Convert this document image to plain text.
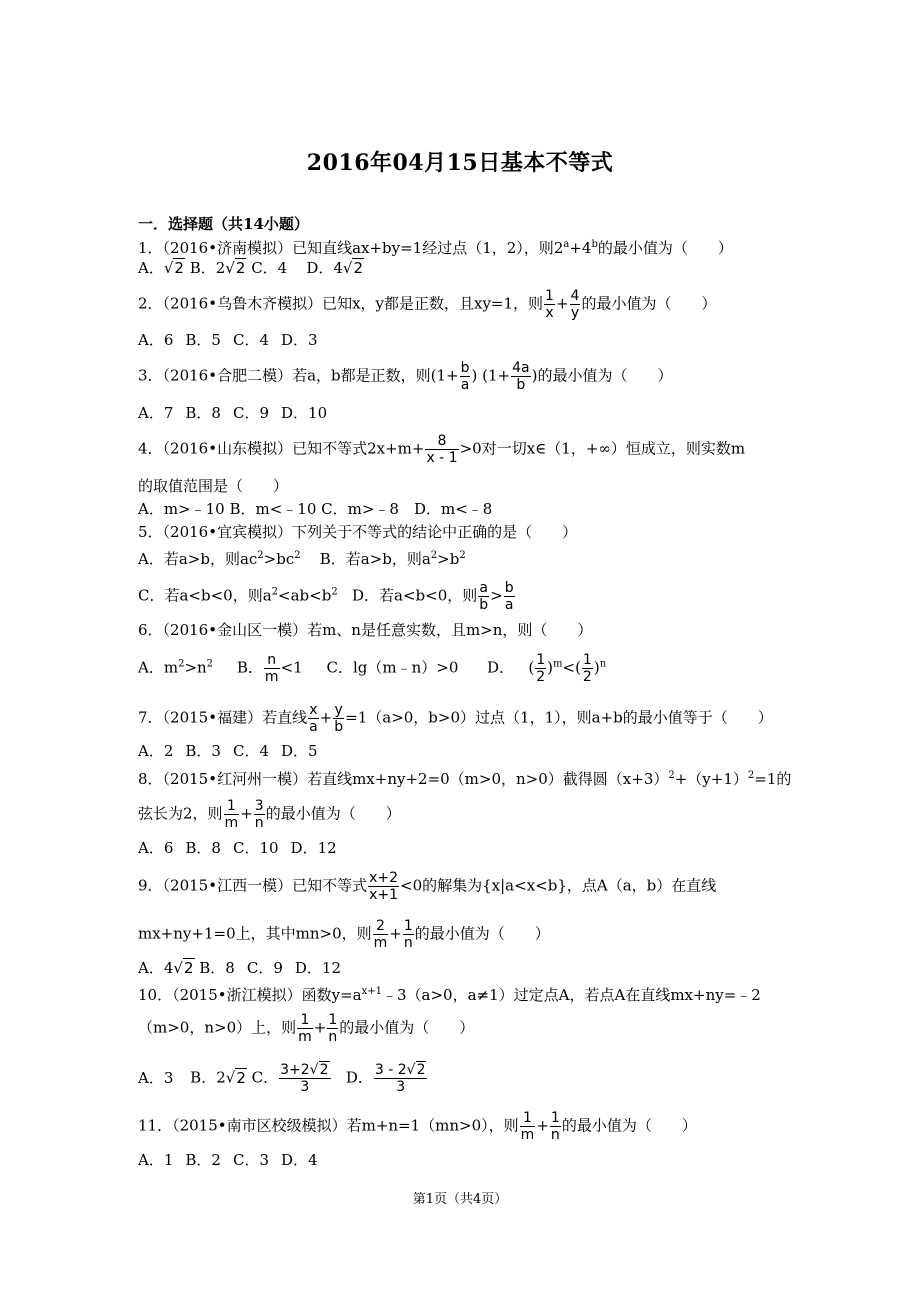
2016年04月15日基本不等式
一．选择题（共14小题）
1．（2016•济南模拟）已知直线ax+by=1经过点（1，2），则$2^a+4^b$的最小值为（　　）
A．√2 B．2√2 C．4 D．4√2
2．（2016•乌鲁木齐模拟）已知x，y都是正数，且xy=1，则 $\frac{1}{x} + \frac{4}{y}$ 的最小值为（　　）
A．6 B．5 C．4 D．3
3．（2016•合肥二模）若a，b都是正数，则($1+ \frac{b}{a}$ ) ($1+ \frac{4a}{b}$ )的最小值为（　　）
A．7 B．8 C．9 D．10
4．（2016•山东模拟）已知不等式$2x+m+ \frac{8}{x - 1} >0$对一切x∈（1，+∞）恒成立，则实数m
的取值范围是（　　）
A．m>﹣10 B．m<﹣10 C．m>﹣8　D．m<﹣8
5．（2016•宜宾模拟）下列关于不等式的结论中正确的是（　　）
A．若a>b，则$ac^2>bc^2$ B．若a>b，则$a^2>b^2$
C．若a<b<0，则$a^2<ab<b^2$ D．若a<b<0，则 $\frac{a}{b} > \frac{b}{a}$
6．（2016•金山区一模）若m、n是任意实数，且m>n，则（　　）
A．$m^2>n^2$ B． $\frac{n}{m} <1$ C．lg（m﹣n）>0 D． ( $\frac{1}{2} )^m<( \frac{1}{2} )^n$
7．（2015•福建）若直线 $\frac{x}{a} + \frac{y}{b} =1(a>0$，b>0）过点（1，1），则a+b的最小值等于（　　）
A．2 B．3 C．4 D．5
8．（2015•红河州一模）若直线mx+ny+2=0（m>0，n>0）截得圆$(x+3)^2+(y+1)^2=1$的
弦长为2，则 $\frac{1}{m} + \frac{3}{n}$ 的最小值为（　　）
A．6 B．8 C．10 D．12
9．（2015•江西一模）已知不等式 $\frac{x+2}{x+1} <0$的解集为{x|a<x<b}，点A（a，b）在直线
mx+ny+1=0上，其中mn>0，则 $\frac{2}{m} + \frac{1}{n}$ 的最小值为（　　）
A．4√2 B．8 C．9 D．12
10．（2015•浙江模拟）函数$y=a^{x+1}﹣3(a>0$，a≠1）过定点A，若点A在直线mx+ny=﹣2
（m>0，n>0）上，则 $\frac{1}{m} + \frac{1}{n}$ 的最小值为（　　）
A．3 B．2√2 C． $\frac{3+2√2}{3}$ D． $\frac{3 - 2√2}{3}$
11．（2015•南市区校级模拟）若m+n=1（mn>0），则 $\frac{1}{m} + \frac{1}{n}$ 的最小值为（　　）
A．1 B．2 C．3 D．4
第1页（共4页）
